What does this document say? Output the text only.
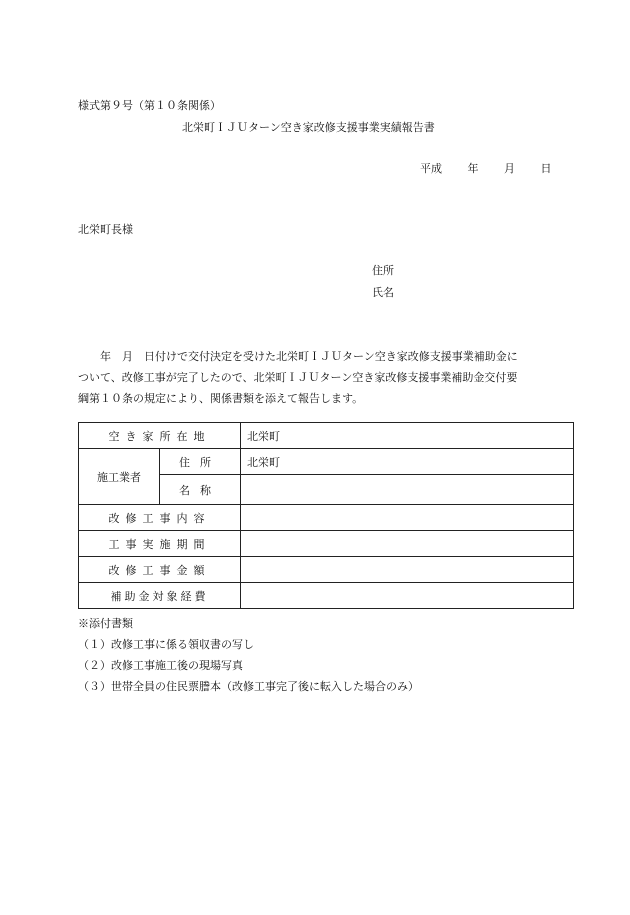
様式第９号（第１０条関係）
北栄町ＩＪＵターン空き家改修支援事業実績報告書
平成 年 月 日
北栄町長様
住所
氏名

年　月　日付けで交付決定を受けた北栄町ＩＪＵターン空き家改修支援事業補助金に

ついて、改修工事が完了したので、北栄町ＩＪＵターン空き家改修支援事業補助金交付要

綱第１０条の規定により、関係書類を添えて報告します。

空き家所在地		北栄町
施工業者	住所	北栄町
	名称	
改修工事内容		
工事実施期間		
改修工事金額		
補助金対象経費		
※添付書類
（１）改修工事に係る領収書の写し
（２）改修工事施工後の現場写真
（３）世帯全員の住民票謄本（改修工事完了後に転入した場合のみ）
